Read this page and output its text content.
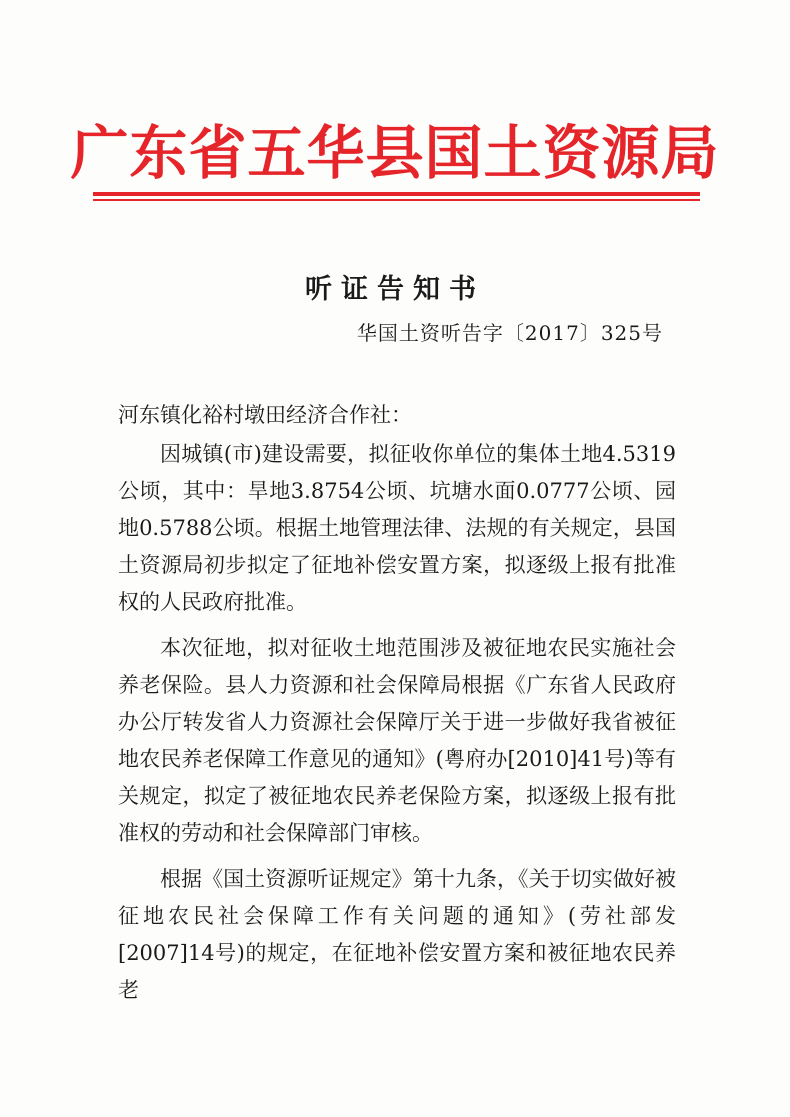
广东省五华县国土资源局
听证告知书
华国土资听告字〔2017〕325号
河东镇化裕村墩田经济合作社：

因城镇(市)建设需要，拟征收你单位的集体土地4.5319公顷，其中：旱地3.8754公顷、坑塘水面0.0777公顷、园地0.5788公顷。根据土地管理法律、法规的有关规定，县国土资源局初步拟定了征地补偿安置方案，拟逐级上报有批准权的人民政府批准。

本次征地，拟对征收土地范围涉及被征地农民实施社会养老保险。县人力资源和社会保障局根据《广东省人民政府办公厅转发省人力资源社会保障厅关于进一步做好我省被征地农民养老保障工作意见的通知》(粤府办[2010]41号)等有关规定，拟定了被征地农民养老保险方案，拟逐级上报有批准权的劳动和社会保障部门审核。

根据《国土资源听证规定》第十九条，《关于切实做好被征地农民社会保障工作有关问题的通知》(劳社部发[2007]14号)的规定，在征地补偿安置方案和被征地农民养老
